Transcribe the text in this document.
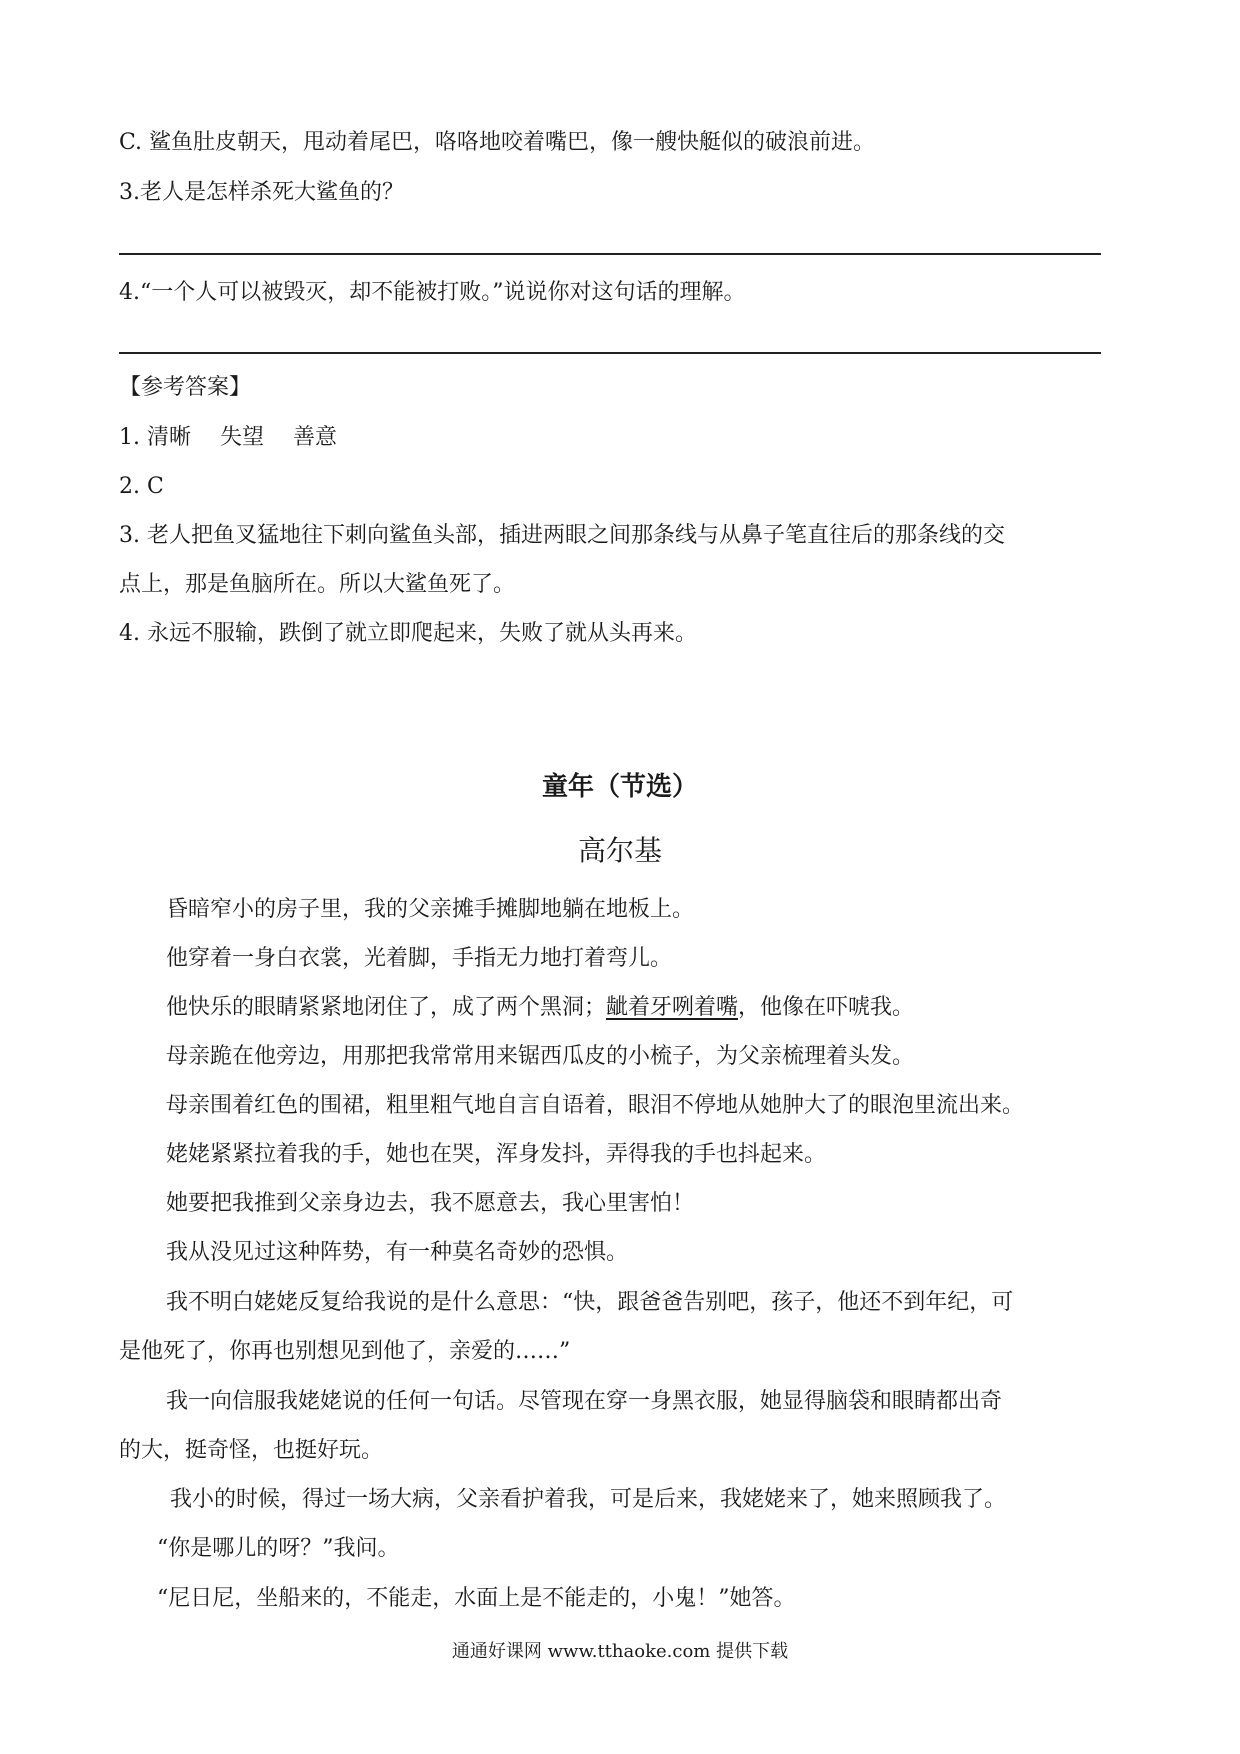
C. 鲨鱼肚皮朝天，甩动着尾巴，咯咯地咬着嘴巴，像一艘快艇似的破浪前进。
3.老人是怎样杀死大鲨鱼的？
4.“一个人可以被毁灭，却不能被打败。”说说你对这句话的理解。
【参考答案】
1. 清晰　 失望　 善意
2. C
3. 老人把鱼叉猛地往下刺向鲨鱼头部，插进两眼之间那条线与从鼻子笔直往后的那条线的交
点上，那是鱼脑所在。所以大鲨鱼死了。
4. 永远不服输，跌倒了就立即爬起来，失败了就从头再来。
童年（节选）
高尔基
昏暗窄小的房子里，我的父亲摊手摊脚地躺在地板上。
他穿着一身白衣裳，光着脚，手指无力地打着弯儿。
他快乐的眼睛紧紧地闭住了，成了两个黑洞；龇着牙咧着嘴，他像在吓唬我。
母亲跪在他旁边，用那把我常常用来锯西瓜皮的小梳子，为父亲梳理着头发。
母亲围着红色的围裙，粗里粗气地自言自语着，眼泪不停地从她肿大了的眼泡里流出来。
姥姥紧紧拉着我的手，她也在哭，浑身发抖，弄得我的手也抖起来。
她要把我推到父亲身边去，我不愿意去，我心里害怕！
我从没见过这种阵势，有一种莫名奇妙的恐惧。
我不明白姥姥反复给我说的是什么意思：“快，跟爸爸告别吧，孩子，他还不到年纪，可
是他死了，你再也别想见到他了，亲爱的……”
我一向信服我姥姥说的任何一句话。尽管现在穿一身黑衣服，她显得脑袋和眼睛都出奇
的大，挺奇怪，也挺好玩。
我小的时候，得过一场大病，父亲看护着我，可是后来，我姥姥来了，她来照顾我了。
“你是哪儿的呀？”我问。
“尼日尼，坐船来的，不能走，水面上是不能走的，小鬼！”她答。
通通好课网 www.tthaoke.com 提供下载
